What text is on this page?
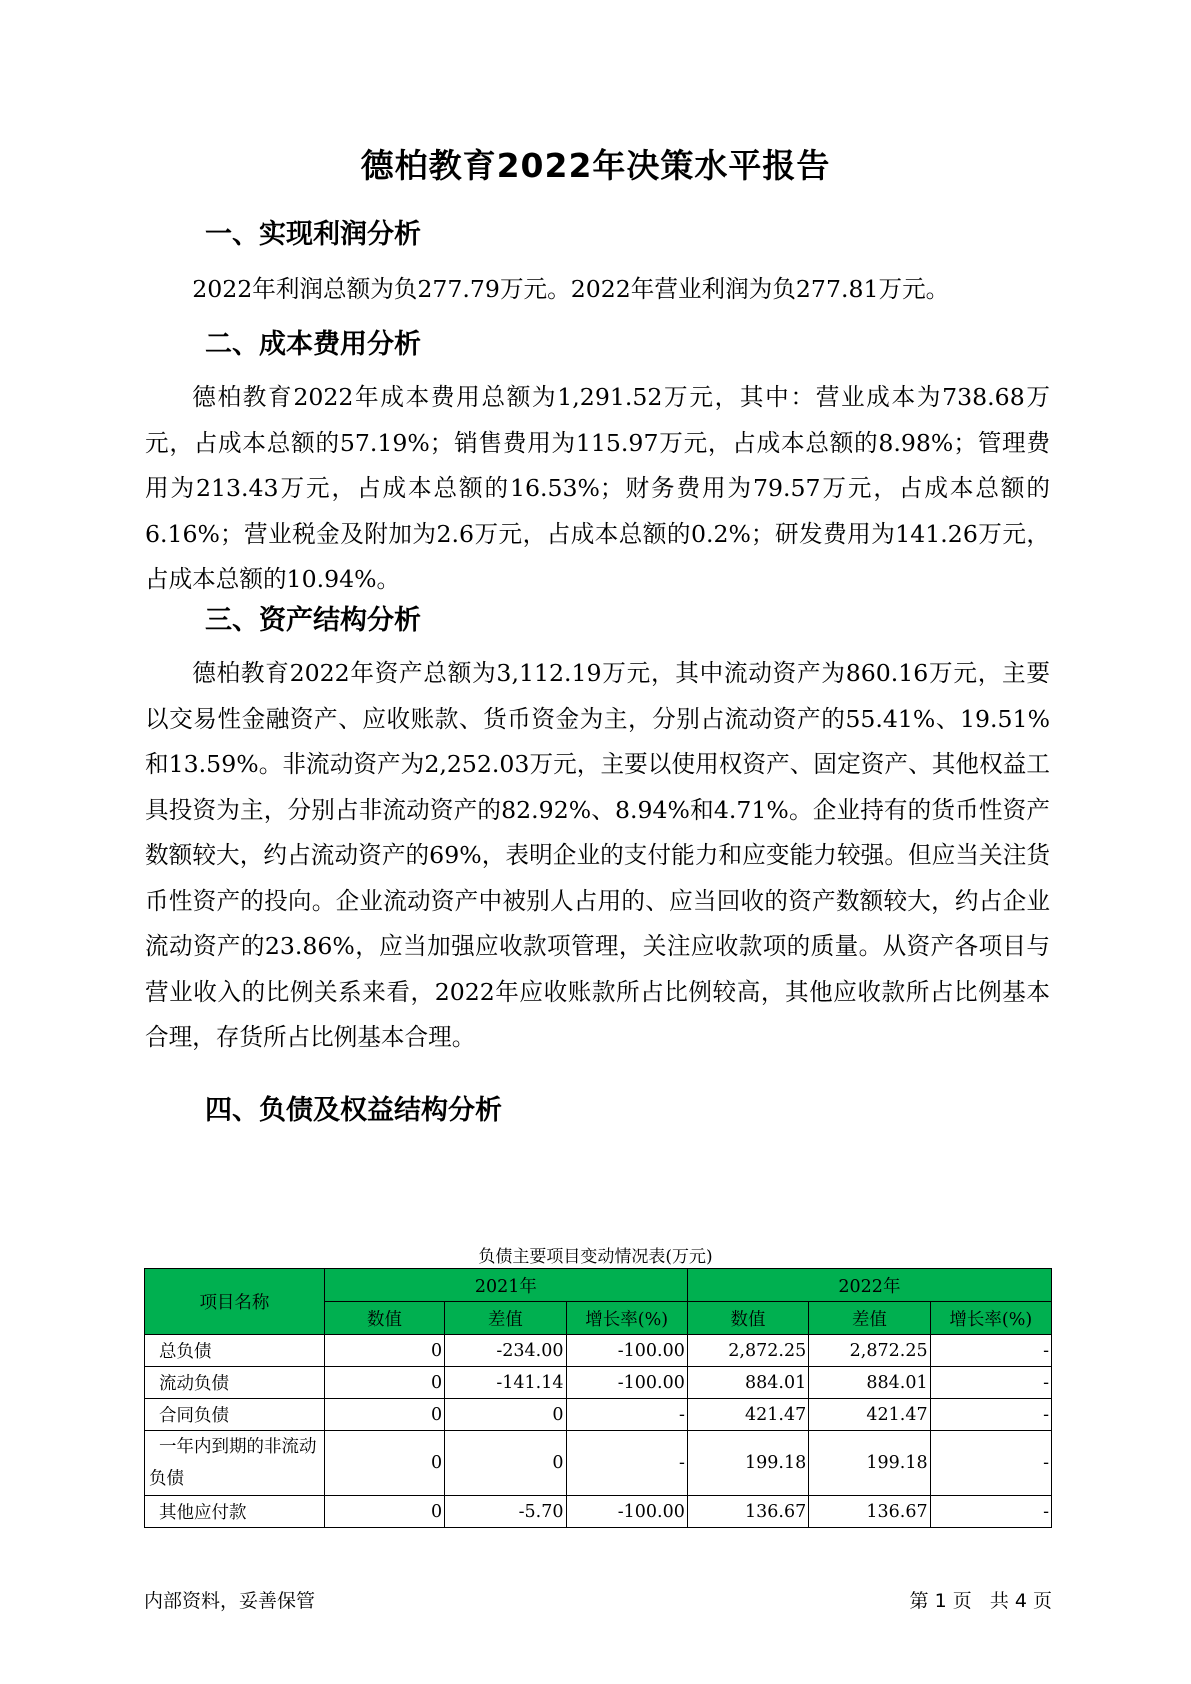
德柏教育2022年决策水平报告
一、实现利润分析

2022年利润总额为负277.79万元。2022年营业利润为负277.81万元。

二、成本费用分析

德柏教育2022年成本费用总额为1,291.52万元，其中：营业成本为738.68万元，占成本总额的57.19%；销售费用为115.97万元，占成本总额的8.98%；管理费用为213.43万元，占成本总额的16.53%；财务费用为79.57万元，占成本总额的6.16%；营业税金及附加为2.6万元，占成本总额的0.2%；研发费用为141.26万元，占成本总额的10.94%。

三、资产结构分析

德柏教育2022年资产总额为3,112.19万元，其中流动资产为860.16万元，主要以交易性金融资产、应收账款、货币资金为主，分别占流动资产的55.41%、19.51%和13.59%。非流动资产为2,252.03万元，主要以使用权资产、固定资产、其他权益工具投资为主，分别占非流动资产的82.92%、8.94%和4.71%。企业持有的货币性资产数额较大，约占流动资产的69%，表明企业的支付能力和应变能力较强。但应当关注货币性资产的投向。企业流动资产中被别人占用的、应当回收的资产数额较大，约占企业流动资产的23.86%，应当加强应收款项管理，关注应收款项的质量。从资产各项目与营业收入的比例关系来看，2022年应收账款所占比例较高，其他应收款所占比例基本合理，存货所占比例基本合理。

四、负债及权益结构分析
负债主要项目变动情况表(万元)
项目名称	2021年			2022年		
	数值	差值	增长率(%)	数值	差值	增长率(%)
总负债	0	-234.00	-100.00	2,872.25	2,872.25	-
流动负债	0	-141.14	-100.00	884.01	884.01	-
合同负债	0	0	-	421.47	421.47	-
一年内到期的非流动负债	0	0	-	199.18	199.18	-
其他应付款	0	-5.70	-100.00	136.67	136.67	-
内部资料，妥善保管	第 1 页   共 4 页
